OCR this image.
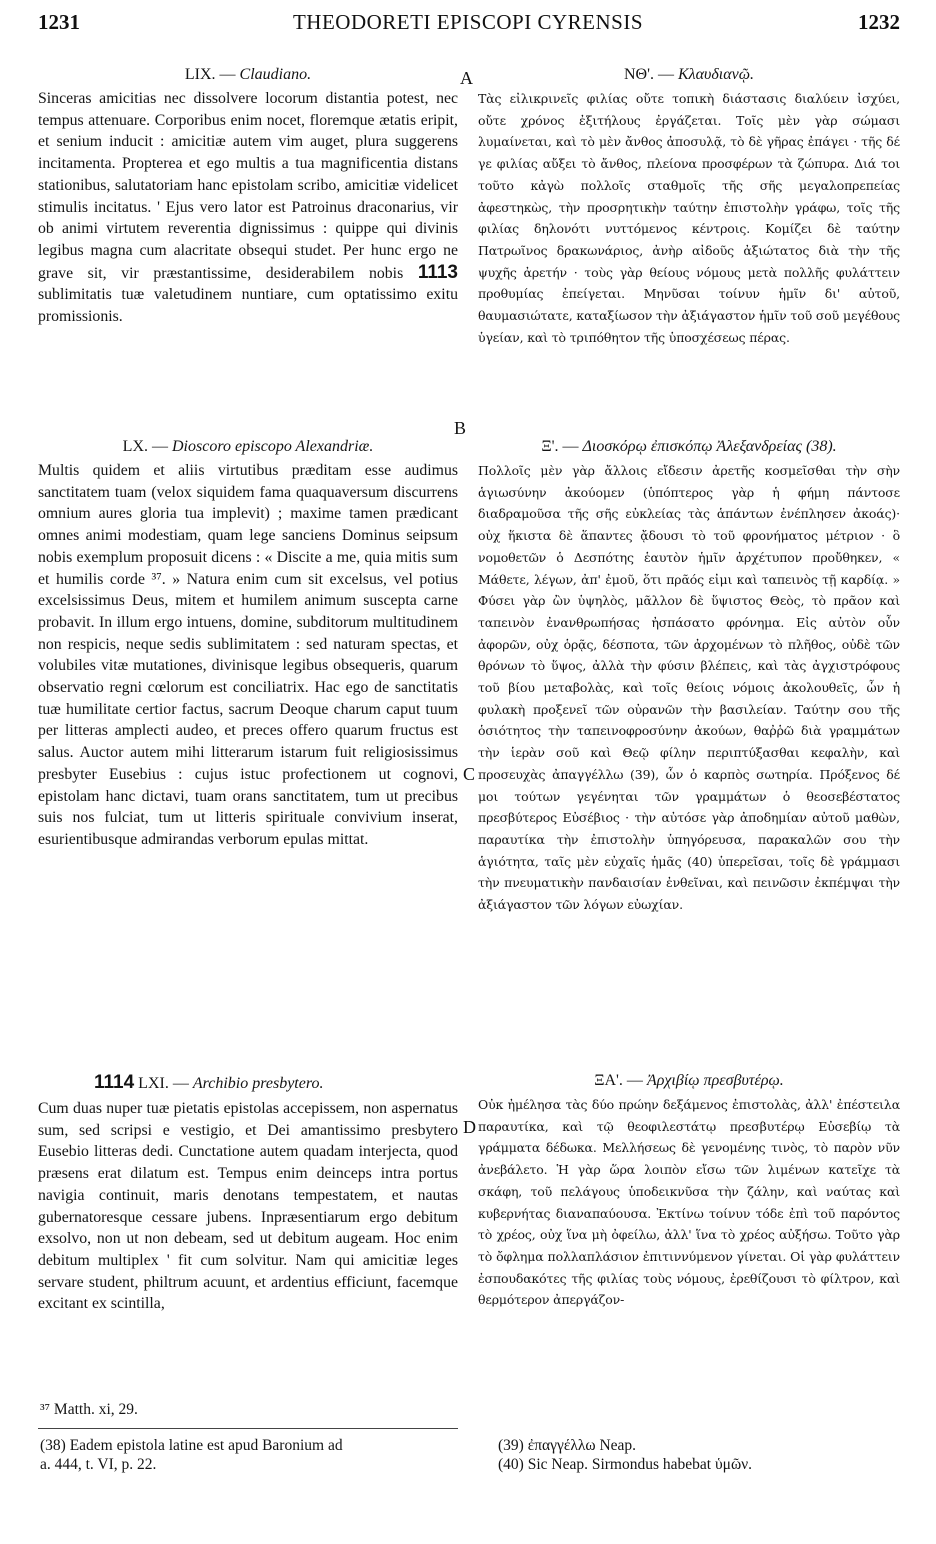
1231	THEODORETI EPISCOPI CYRENSIS	1232
A
B
C
D
LIX. — Claudiano.

Sinceras amicitias nec dissolvere locorum distantia potest, nec tempus attenuare. Corporibus enim nocet, floremque ætatis eripit, et senium inducit : amicitiæ autem vim auget, plura suggerens incitamenta. Propterea et ego multis a tua magnificentia distans stationibus, salutatoriam hanc epistolam scribo, amicitiæ videlicet stimulis incitatus. ' Ejus vero lator est Patroinus draconarius, vir ob animi virtutem reverentia dignissimus : quippe qui divinis legibus magna cum alacritate obsequi studet. Per hunc ergo ne grave sit, vir præstantissime, desiderabilem nobis 1113 sublimitatis tuæ valetudinem nuntiare, cum optatissimo exitu promissionis.

LX. — Dioscoro episcopo Alexandriæ.

Multis quidem et aliis virtutibus præditam esse audimus sanctitatem tuam (velox siquidem fama quaquaversum discurrens omnium aures gloria tua implevit) ; maxime tamen prædicant omnes animi modestiam, quam lege sanciens Dominus seipsum nobis exemplum proposuit dicens : « Discite a me, quia mitis sum et humilis corde ³⁷. » Natura enim cum sit excelsus, vel potius excelsissimus Deus, mitem et humilem animum suscepta carne probavit. In illum ergo intuens, domine, subditorum multitudinem non respicis, neque sedis sublimitatem : sed naturam spectas, et volubiles vitæ mutationes, divinisque legibus obsequeris, quarum observatio regni cœlorum est conciliatrix. Hac ego de sanctitatis tuæ humilitate certior factus, sacrum Deoque charum caput tuum per litteras amplecti audeo, et preces offero quarum fructus est salus. Auctor autem mihi litterarum istarum fuit religiosissimus presbyter Eusebius : cujus istuc profectionem ut cognovi, epistolam hanc dictavi, tuam orans sanctitatem, tum ut precibus suis nos fulciat, tum ut litteris spirituale convivium inserat, esurientibusque admirandas verborum epulas mittat.

1114 LXI. — Archibio presbytero.

Cum duas nuper tuæ pietatis epistolas accepissem, non aspernatus sum, sed scripsi e vestigio, et Dei amantissimo presbytero Eusebio litteras dedi. Cunctatione autem quadam interjecta, quod præsens erat dilatum est. Tempus enim deinceps intra portus navigia continuit, maris denotans tempestatem, et nautas gubernatoresque cessare jubens. Inpræsentiarum ergo debitum exsolvo, non ut non debeam, sed ut debitum augeam. Hoc enim debitum multiplex ' fit cum solvitur. Nam qui amicitiæ leges servare student, philtrum acuunt, et ardentius efficiunt, facemque excitant ex scintilla,

ΝΘ'. — Κλαυδιανῷ.

Τὰς εἰλικρινεῖς φιλίας οὔτε τοπικὴ διάστασις διαλύειν ἰσχύει, οὔτε χρόνος ἐξιτήλους ἐργάζεται. Τοῖς μὲν γὰρ σώμασι λυμαίνεται, καὶ τὸ μὲν ἄνθος ἀποσυλᾷ, τὸ δὲ γῆρας ἐπάγει · τῆς δέ γε φιλίας αὔξει τὸ ἄνθος, πλείονα προσφέρων τὰ ζώπυρα. Διά τοι τοῦτο κἀγὼ πολλοῖς σταθμοῖς τῆς σῆς μεγαλοπρεπείας ἀφεστηκὼς, τὴν προσρητικὴν ταύτην ἐπιστολὴν γράφω, τοῖς τῆς φιλίας δηλονότι νυττόμενος κέντροις. Κομίζει δὲ ταύτην Πατρωῖνος δρακωνάριος, ἀνὴρ αἰδοῦς ἀξιώτατος διὰ τὴν τῆς ψυχῆς ἀρετήν · τοὺς γὰρ θείους νόμους μετὰ πολλῆς φυλάττειν προθυμίας ἐπείγεται. Μηνῦσαι τοίνυν ἡμῖν δι' αὐτοῦ, θαυμασιώτατε, καταξίωσον τὴν ἀξιάγαστον ἡμῖν τοῦ σοῦ μεγέθους ὑγείαν, καὶ τὸ τριπόθητον τῆς ὑποσχέσεως πέρας.

Ξ'. — Διοσκόρῳ ἐπισκόπῳ Ἀλεξανδρείας (38).

Πολλοῖς μὲν γὰρ ἄλλοις εἴδεσιν ἀρετῆς κοσμεῖσθαι τὴν σὴν ἁγιωσύνην ἀκούομεν (ὑπόπτερος γὰρ ἡ φήμη πάντοσε διαδραμοῦσα τῆς σῆς εὐκλείας τὰς ἁπάντων ἐνέπλησεν ἀκοάς)· οὐχ ἥκιστα δὲ ἅπαντες ᾄδουσι τὸ τοῦ φρονήματος μέτριον · ὃ νομοθετῶν ὁ Δεσπότης ἑαυτὸν ἡμῖν ἀρχέτυπον προὔθηκεν, « Μάθετε, λέγων, ἀπ' ἐμοῦ, ὅτι πρᾶός εἰμι καὶ ταπεινὸς τῇ καρδίᾳ. » Φύσει γὰρ ὢν ὑψηλὸς, μᾶλλον δὲ ὕψιστος Θεὸς, τὸ πρᾶον καὶ ταπεινὸν ἐνανθρωπήσας ἠσπάσατο φρόνημα. Εἰς αὐτὸν οὖν ἀφορῶν, οὐχ ὁρᾷς, δέσποτα, τῶν ἀρχομένων τὸ πλῆθος, οὐδὲ τῶν θρόνων τὸ ὕψος, ἀλλὰ τὴν φύσιν βλέπεις, καὶ τὰς ἀγχιστρόφους τοῦ βίου μεταβολὰς, καὶ τοῖς θείοις νόμοις ἀκολουθεῖς, ὧν ἡ φυλακὴ προξενεῖ τῶν οὐρανῶν τὴν βασιλείαν. Ταύτην σου τῆς ὁσιότητος τὴν ταπεινοφροσύνην ἀκούων, θαῤῥῶ διὰ γραμμάτων τὴν ἱερὰν σοῦ καὶ Θεῷ φίλην περιπτύξασθαι κεφαλὴν, καὶ προσευχὰς ἀπαγγέλλω (39), ὧν ὁ καρπὸς σωτηρία. Πρόξενος δέ μοι τούτων γεγένηται τῶν γραμμάτων ὁ θεοσεβέστατος πρεσβύτερος Εὐσέβιος · τὴν αὐτόσε γὰρ ἀποδημίαν αὐτοῦ μαθὼν, παραυτίκα τὴν ἐπιστολὴν ὑπηγόρευσα, παρακαλῶν σου τὴν ἁγιότητα, ταῖς μὲν εὐχαῖς ἡμᾶς (40) ὑπερεῖσαι, τοῖς δὲ γράμμασι τὴν πνευματικὴν πανδαισίαν ἐνθεῖναι, καὶ πεινῶσιν ἐκπέμψαι τὴν ἀξιάγαστον τῶν λόγων εὐωχίαν.

ΞΑ'. — Ἀρχιβίῳ πρεσβυτέρῳ.

Οὐκ ἠμέλησα τὰς δύο πρώην δεξάμενος ἐπιστολὰς, ἀλλ' ἐπέστειλα παραυτίκα, καὶ τῷ θεοφιλεστάτῳ πρεσβυτέρῳ Εὐσεβίῳ τὰ γράμματα δέδωκα. Μελλήσεως δὲ γενομένης τινὸς, τὸ παρὸν νῦν ἀνεβάλετο. Ἡ γὰρ ὥρα λοιπὸν εἴσω τῶν λιμένων κατεῖχε τὰ σκάφη, τοῦ πελάγους ὑποδεικνῦσα τὴν ζάλην, καὶ ναύτας καὶ κυβερνήτας διαναπαύουσα. Ἐκτίνω τοίνυν τόδε ἐπὶ τοῦ παρόντος τὸ χρέος, οὐχ ἵνα μὴ ὀφείλω, ἀλλ' ἵνα τὸ χρέος αὐξήσω. Τοῦτο γὰρ τὸ ὄφλημα πολλαπλάσιον ἐπιτιννύμενον γίνεται. Οἱ γὰρ φυλάττειν ἐσπουδακότες τῆς φιλίας τοὺς νόμους, ἐρεθίζουσι τὸ φίλτρον, καὶ θερμότερον ἀπεργάζον-

³⁷ Matth. xi, 29.
(38) Eadem epistola latine est apud Baronium ad
a. 444, t. VI, p. 22.
(39) ἐπαγγέλλω Neap.
(40) Sic Neap. Sirmondus habebat ὑμῶν.
